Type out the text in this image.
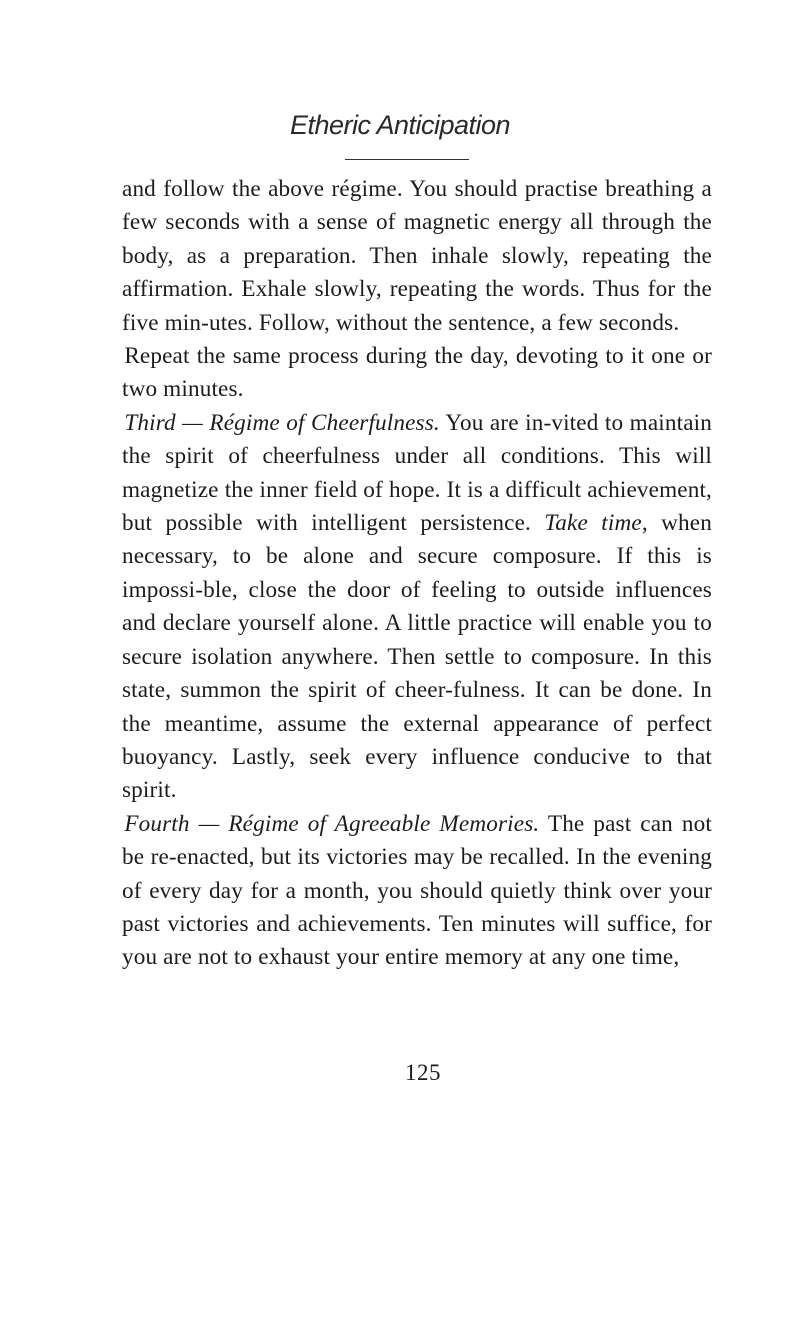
Etheric Anticipation

and follow the above régime. You should practise breathing a few seconds with a sense of magnetic energy all through the body, as a preparation. Then inhale slowly, repeating the affirmation. Exhale slowly, repeating the words. Thus for the five min-utes. Follow, without the sentence, a few seconds.

Repeat the same process during the day, devoting to it one or two minutes.

Third — Régime of Cheerfulness. You are in-vited to maintain the spirit of cheerfulness under all conditions. This will magnetize the inner field of hope. It is a difficult achievement, but possible with intelligent persistence. Take time, when necessary, to be alone and secure composure. If this is impossi-ble, close the door of feeling to outside influences and declare yourself alone. A little practice will enable you to secure isolation anywhere. Then settle to composure. In this state, summon the spirit of cheer-fulness. It can be done. In the meantime, assume the external appearance of perfect buoyancy. Lastly, seek every influence conducive to that spirit.

Fourth — Régime of Agreeable Memories. The past can not be re-enacted, but its victories may be recalled. In the evening of every day for a month, you should quietly think over your past victories and achievements. Ten minutes will suffice, for you are not to exhaust your entire memory at any one time,

125
